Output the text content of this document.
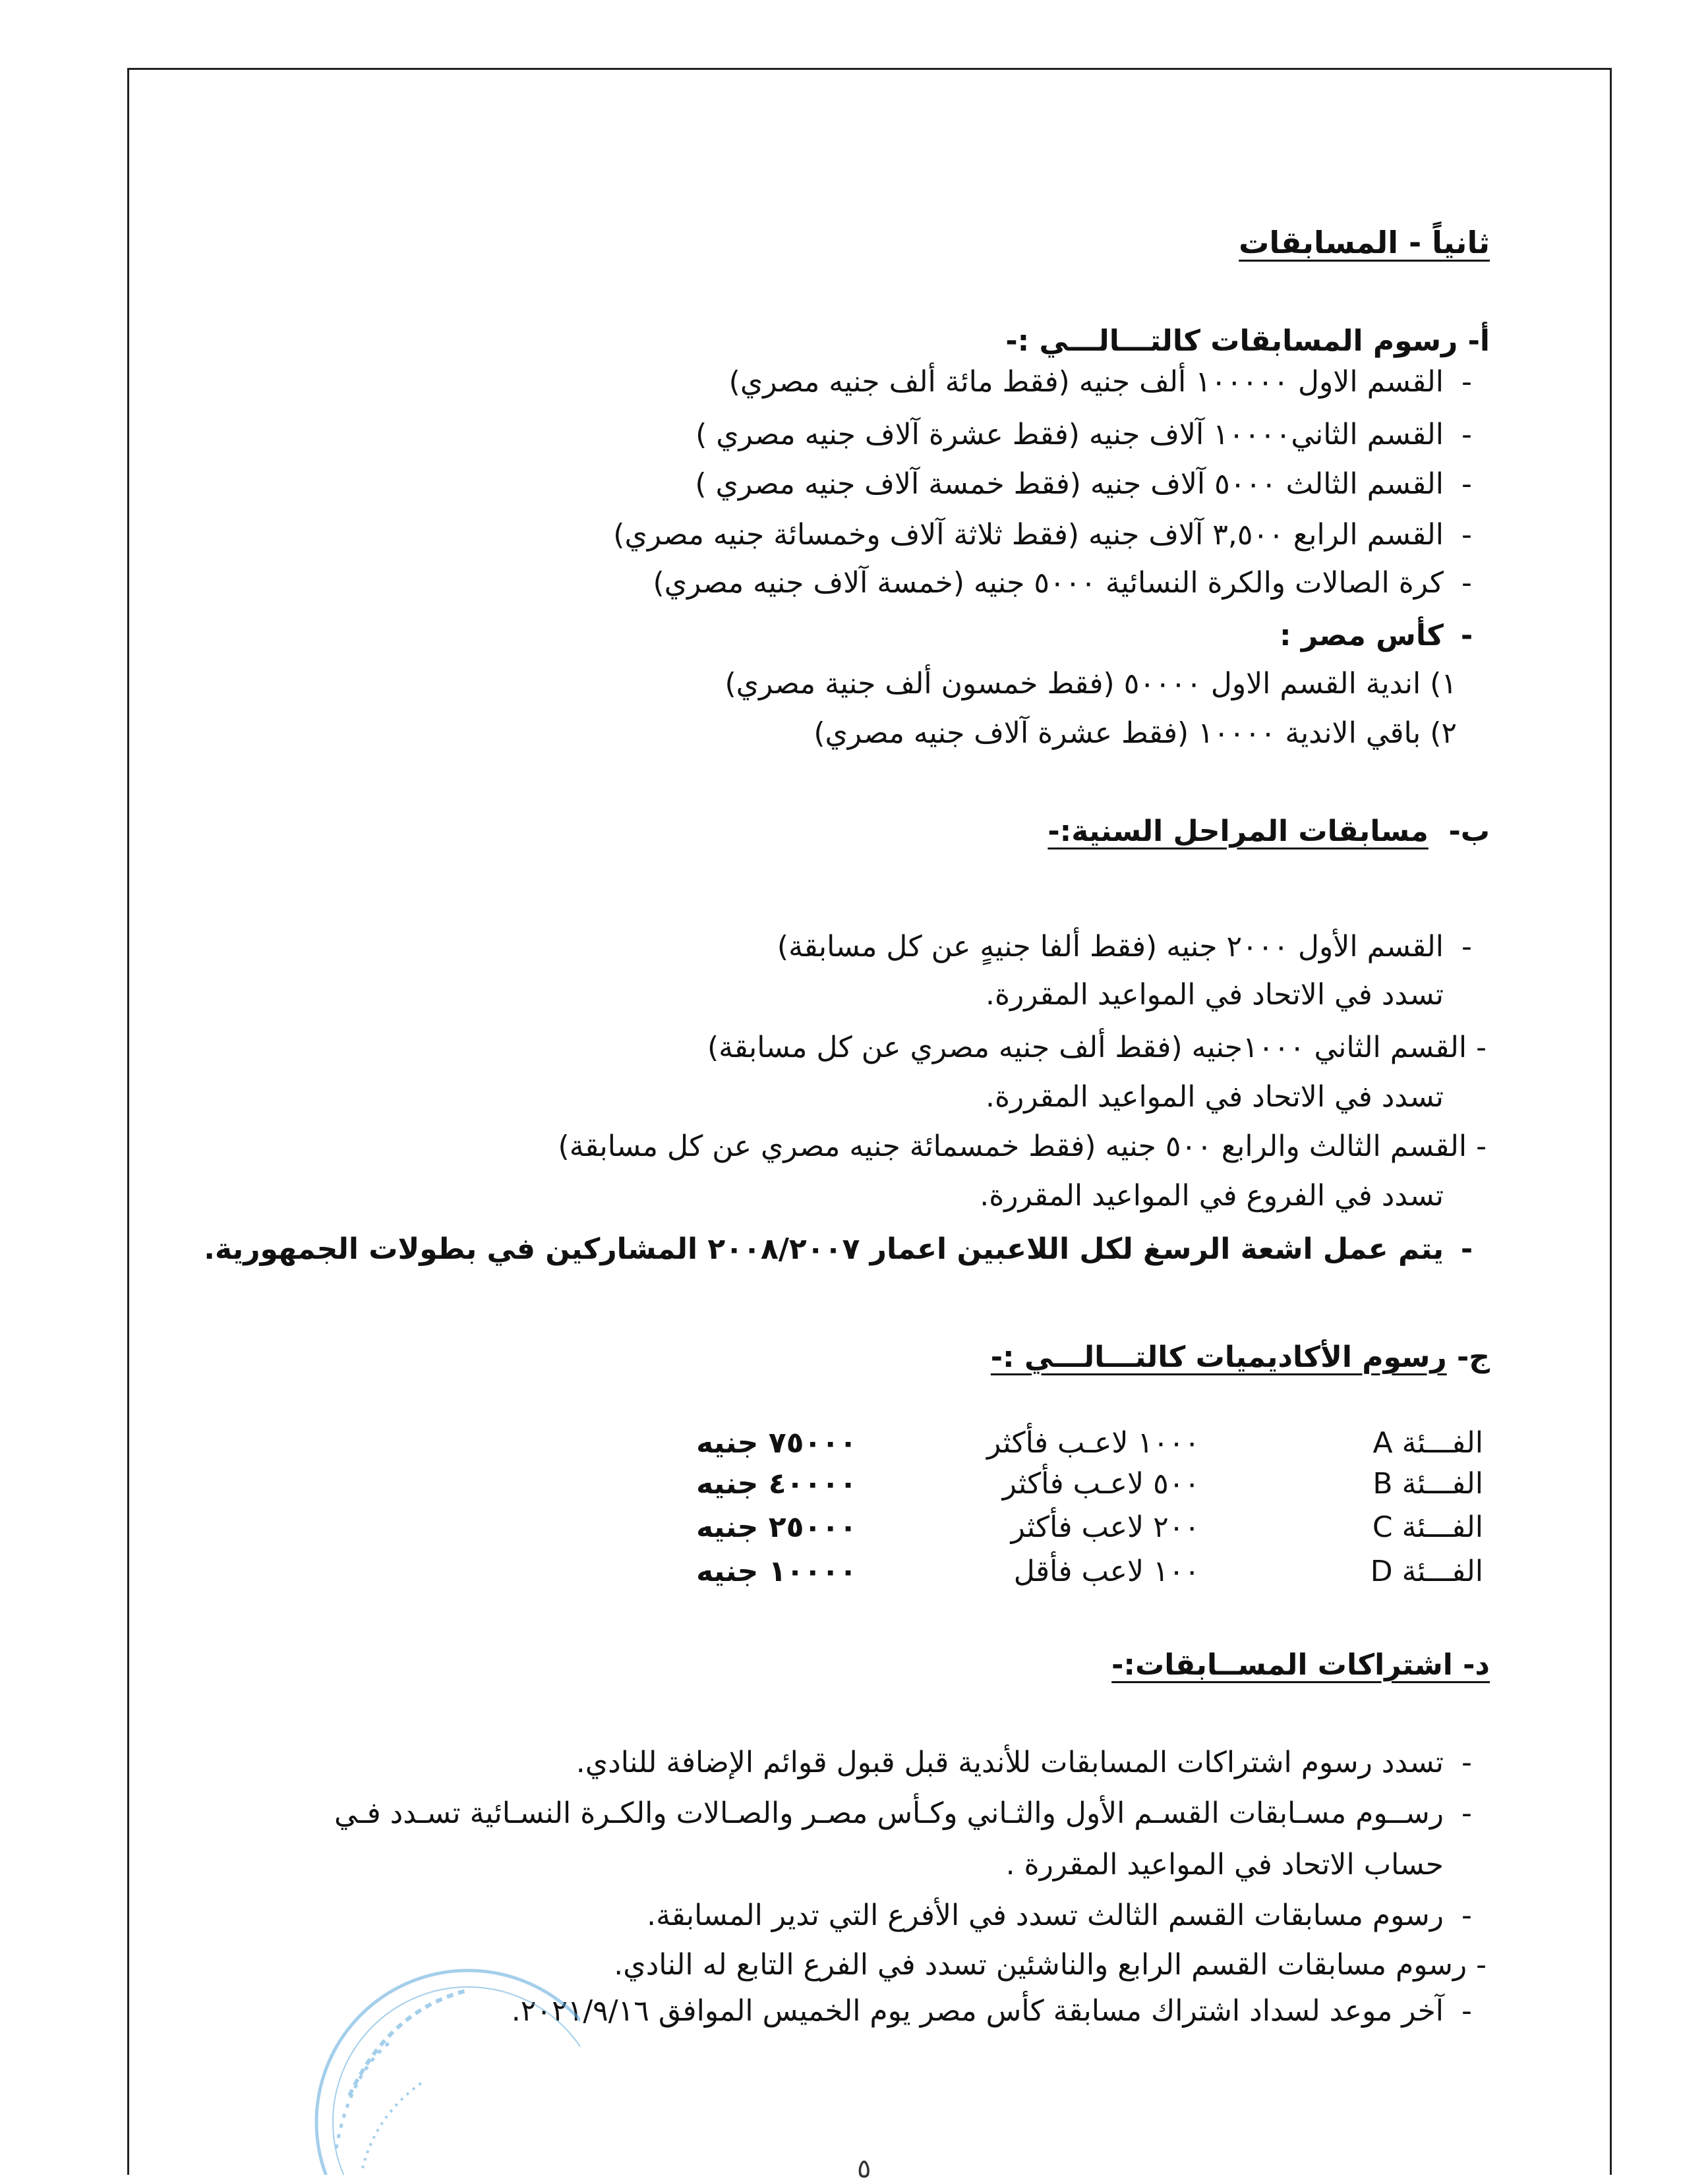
ثانياً - المسابقات
أ- رسوم المسابقات كالتـــالـــي :-
-القسم الاول ١٠٠٠٠٠ ألف جنيه (فقط مائة ألف جنيه مصري)
-القسم الثاني١٠٠٠٠ آلاف جنيه (فقط عشرة آلاف جنيه مصري )
-القسم الثالث ٥٠٠٠ آلاف جنيه (فقط خمسة آلاف جنيه مصري )
-القسم الرابع ٣,٥٠٠ آلاف جنيه (فقط ثلاثة آلاف وخمسائة جنيه مصري)
-كرة الصالات والكرة النسائية ٥٠٠٠ جنيه (خمسة آلاف جنيه مصري)
-كأس مصر :
١) اندية القسم الاول ٥٠٠٠٠ (فقط خمسون ألف جنية مصري)
٢) باقي الاندية ١٠٠٠٠ (فقط عشرة آلاف جنيه مصري)
ب-  مسابقات المراحل السنية:-
-القسم الأول ٢٠٠٠ جنيه (فقط ألفا جنيهٍ عن كل مسابقة)
تسدد في الاتحاد في المواعيد المقررة.
- القسم الثاني ١٠٠٠جنيه (فقط ألف جنيه مصري عن كل مسابقة)
تسدد في الاتحاد في المواعيد المقررة.
- القسم الثالث والرابع ٥٠٠ جنيه (فقط خمسمائة جنيه مصري عن كل مسابقة)
تسدد في الفروع في المواعيد المقررة.
-يتم عمل اشعة الرسغ لكل اللاعبين اعمار ٢٠٠٨/٢٠٠٧ المشاركين في بطولات الجمهورية.
ج- رسوم الأكاديميات كالتـــالـــي :-
الفـــئة A
١٠٠٠ لاعـب فأكثر
٧٥٠٠٠ جنيه
الفـــئة B
٥٠٠ لاعـب فأكثر
٤٠٠٠٠ جنيه
الفـــئة C
٢٠٠ لاعب فأكثر
٢٥٠٠٠ جنيه
الفـــئة D
١٠٠ لاعب فأقل
١٠٠٠٠ جنيه
د- اشتراكات المســابقات:-
-تسدد رسوم اشتراكات المسابقات للأندية قبل قبول قوائم الإضافة للنادي.
-رســوم مسـابقات القسـم الأول والثـاني وكـأس مصـر والصـالات والكـرة النسـائية تسـدد فـي
حساب الاتحاد في المواعيد المقررة .
-رسوم مسابقات القسم الثالث تسدد في الأفرع التي تدير المسابقة.
- رسوم مسابقات القسم الرابع والناشئين تسدد في الفرع التابع له النادي.
-آخر موعد لسداد اشتراك مسابقة كأس مصر يوم الخميس الموافق ٢٠٢١/٩/١٦.
٥
